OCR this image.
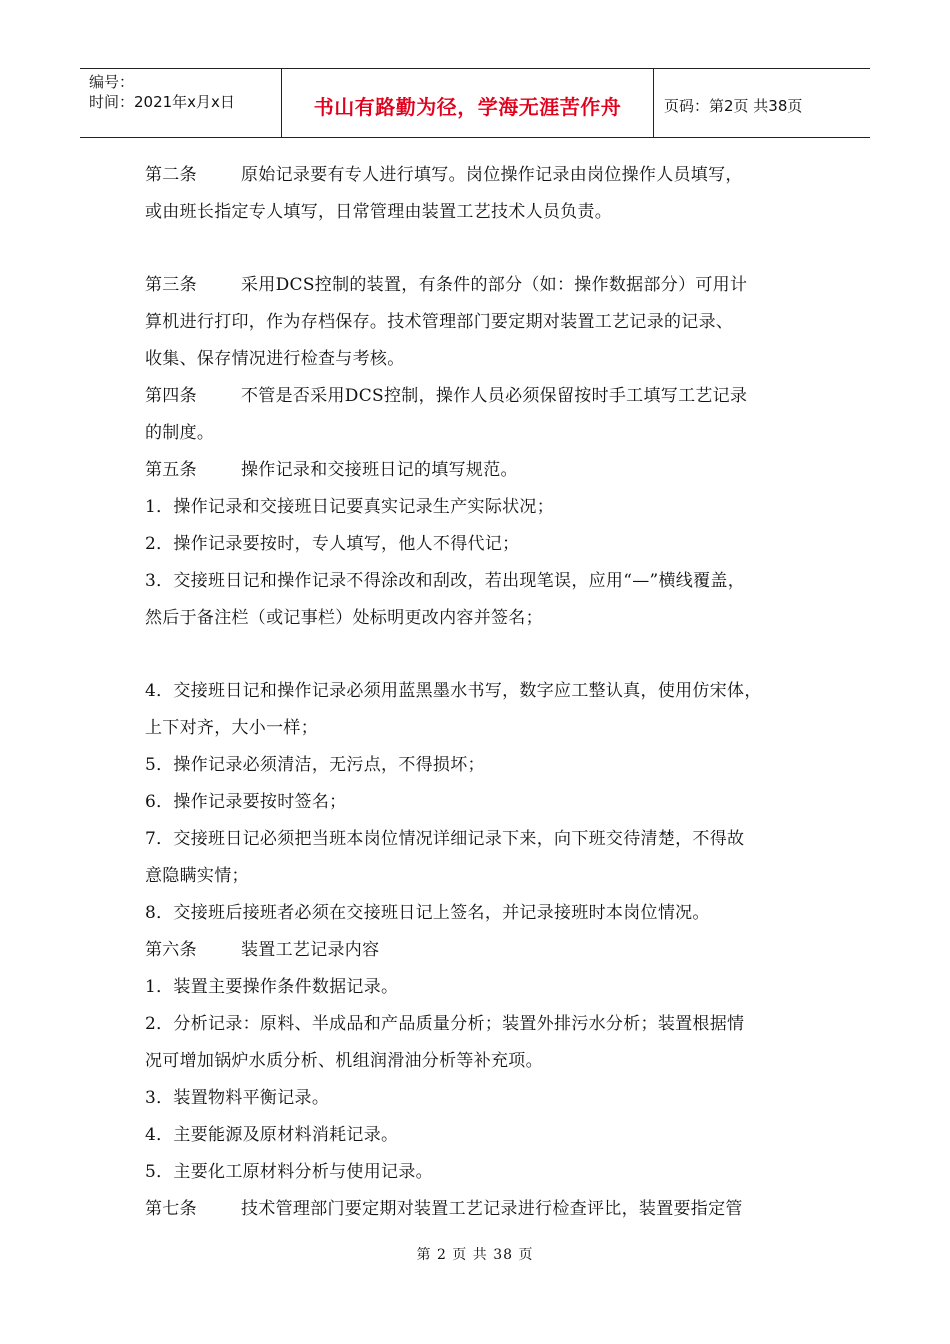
编号：
时间：2021年x月x日	书山有路勤为径，学海无涯苦作舟	页码：第2页 共38页

第二条	原始记录要有专人进行填写。岗位操作记录由岗位操作人员填写，
或由班长指定专人填写，日常管理由装置工艺技术人员负责。

第三条	采用DCS控制的装置，有条件的部分（如：操作数据部分）可用计
算机进行打印，作为存档保存。技术管理部门要定期对装置工艺记录的记录、
收集、保存情况进行检查与考核。

第四条	不管是否采用DCS控制，操作人员必须保留按时手工填写工艺记录
的制度。

第五条	操作记录和交接班日记的填写规范。

1．操作记录和交接班日记要真实记录生产实际状况；

2．操作记录要按时，专人填写，他人不得代记；

3．交接班日记和操作记录不得涂改和刮改，若出现笔误，应用“—”横线覆盖，

然后于备注栏（或记事栏）处标明更改内容并签名；

4．交接班日记和操作记录必须用蓝黑墨水书写，数字应工整认真，使用仿宋体，

上下对齐，大小一样；

5．操作记录必须清洁，无污点，不得损坏；

6．操作记录要按时签名；

7．交接班日记必须把当班本岗位情况详细记录下来，向下班交待清楚，不得故

意隐瞒实情；

8．交接班后接班者必须在交接班日记上签名，并记录接班时本岗位情况。

第六条	装置工艺记录内容

1．装置主要操作条件数据记录。

2．分析记录：原料、半成品和产品质量分析；装置外排污水分析；装置根据情

况可增加锅炉水质分析、机组润滑油分析等补充项。

3．装置物料平衡记录。

4．主要能源及原材料消耗记录。

5．主要化工原材料分析与使用记录。

第七条	技术管理部门要定期对装置工艺记录进行检查评比，装置要指定管

第 2 页 共 38 页
